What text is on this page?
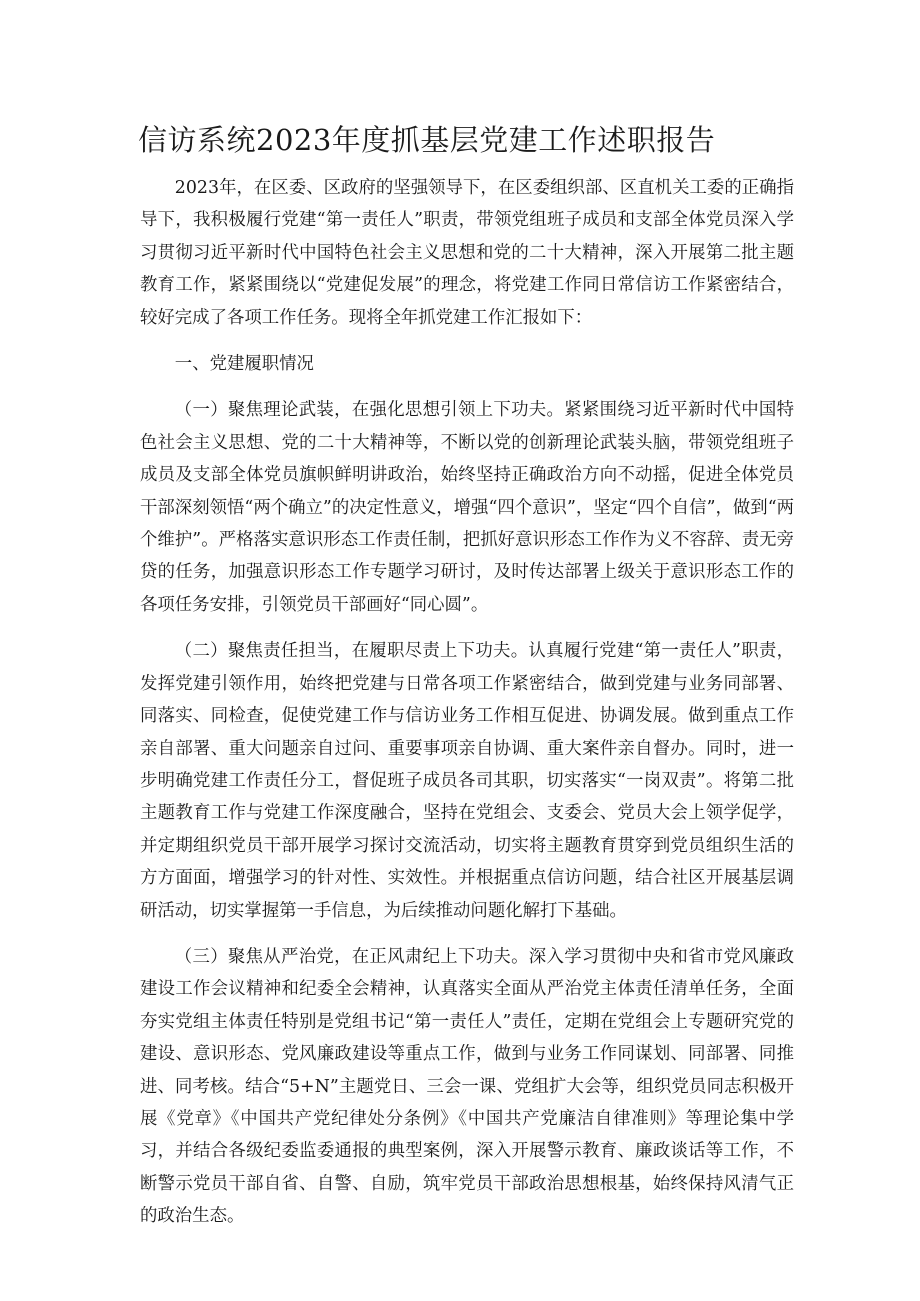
信访系统2023年度抓基层党建工作述职报告

2023年，在区委、区政府的坚强领导下，在区委组织部、区直机关工委的正确指导下，我积极履行党建“第一责任人”职责，带领党组班子成员和支部全体党员深入学习贯彻习近平新时代中国特色社会主义思想和党的二十大精神，深入开展第二批主题教育工作，紧紧围绕以“党建促发展”的理念，将党建工作同日常信访工作紧密结合，较好完成了各项工作任务。现将全年抓党建工作汇报如下：

一、党建履职情况

（一）聚焦理论武装，在强化思想引领上下功夫。紧紧围绕习近平新时代中国特色社会主义思想、党的二十大精神等，不断以党的创新理论武装头脑，带领党组班子成员及支部全体党员旗帜鲜明讲政治，始终坚持正确政治方向不动摇，促进全体党员干部深刻领悟“两个确立”的决定性意义，增强“四个意识”，坚定“四个自信”，做到“两个维护”。严格落实意识形态工作责任制，把抓好意识形态工作作为义不容辞、责无旁贷的任务，加强意识形态工作专题学习研讨，及时传达部署上级关于意识形态工作的各项任务安排，引领党员干部画好“同心圆”。

（二）聚焦责任担当，在履职尽责上下功夫。认真履行党建“第一责任人”职责，发挥党建引领作用，始终把党建与日常各项工作紧密结合，做到党建与业务同部署、同落实、同检查，促使党建工作与信访业务工作相互促进、协调发展。做到重点工作亲自部署、重大问题亲自过问、重要事项亲自协调、重大案件亲自督办。同时，进一步明确党建工作责任分工，督促班子成员各司其职，切实落实“一岗双责”。将第二批主题教育工作与党建工作深度融合，坚持在党组会、支委会、党员大会上领学促学，并定期组织党员干部开展学习探讨交流活动，切实将主题教育贯穿到党员组织生活的方方面面，增强学习的针对性、实效性。并根据重点信访问题，结合社区开展基层调研活动，切实掌握第一手信息，为后续推动问题化解打下基础。

（三）聚焦从严治党，在正风肃纪上下功夫。深入学习贯彻中央和省市党风廉政建设工作会议精神和纪委全会精神，认真落实全面从严治党主体责任清单任务，全面夯实党组主体责任特别是党组书记“第一责任人”责任，定期在党组会上专题研究党的建设、意识形态、党风廉政建设等重点工作，做到与业务工作同谋划、同部署、同推进、同考核。结合“5+N”主题党日、三会一课、党组扩大会等，组织党员同志积极开展《党章》《中国共产党纪律处分条例》《中国共产党廉洁自律准则》等理论集中学习，并结合各级纪委监委通报的典型案例，深入开展警示教育、廉政谈话等工作，不断警示党员干部自省、自警、自励，筑牢党员干部政治思想根基，始终保持风清气正的政治生态。
